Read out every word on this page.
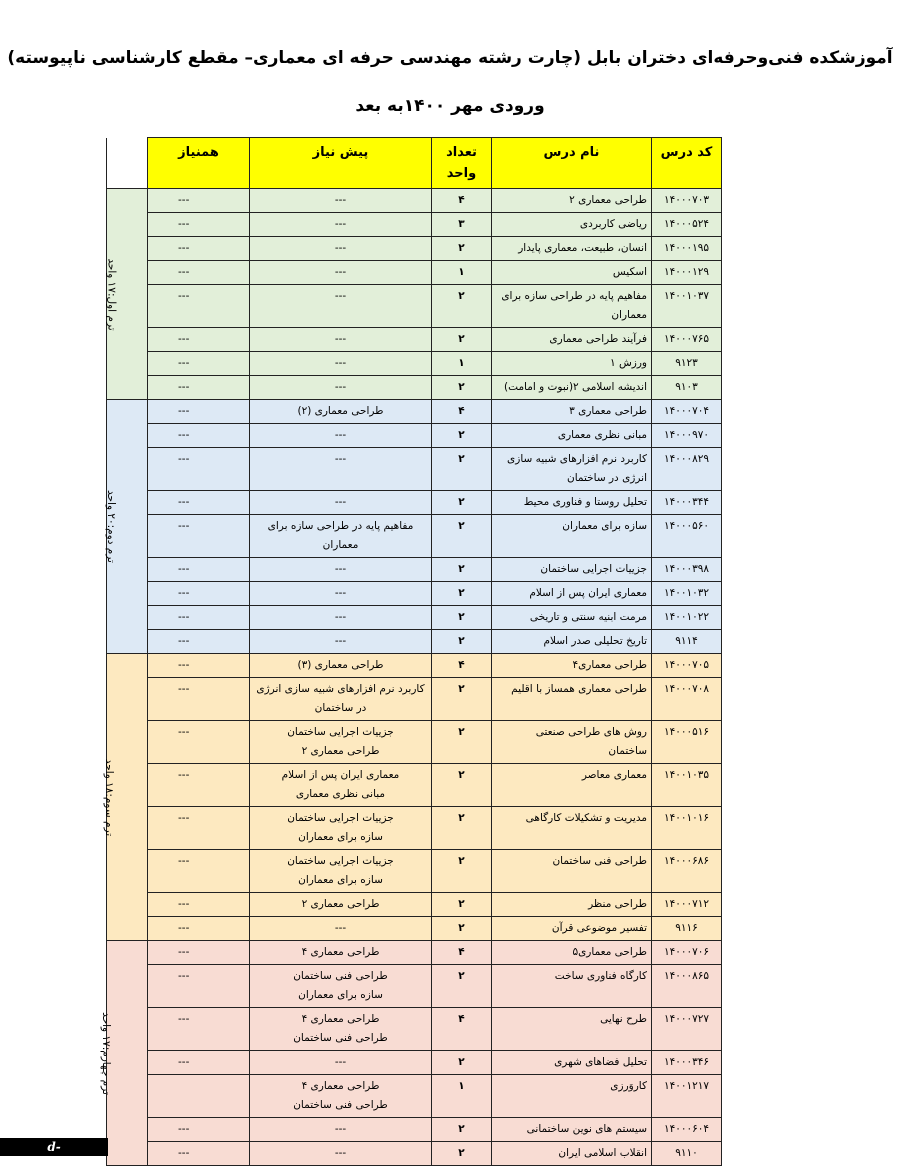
آموزشکده فنی‌وحرفه‌ای دختران بابل (چارت رشته مهندسی حرفه ای معماری– مقطع کارشناسی ناپیوسته)
ورودی مهر ۱۴۰۰به بعد
کد درس	نام درس	تعداد واحد	پیش نیاز	همنیاز	
۱۴۰۰۰۷۰۳	طراحی معماری ۲	۴	---	---	ترم اول:۱۷ واحد
۱۴۰۰۰۵۲۴	ریاضی کاربردی	۳	---	---	
۱۴۰۰۰۱۹۵	انسان، طبیعت، معماری پایدار	۲	---	---	
۱۴۰۰۰۱۲۹	اسکیس	۱	---	---	
۱۴۰۰۱۰۳۷	مفاهیم پایه در طراحی سازه برای معماران	۲	---	---	
۱۴۰۰۰۷۶۵	فرآیند طراحی معماری	۲	---	---	
۹۱۲۳	ورزش ۱	۱	---	---	
۹۱۰۳	اندیشه اسلامی ۲(نبوت و امامت)	۲	---	---	
۱۴۰۰۰۷۰۴	طراحی معماری ۳	۴	طراحی معماری (۲)	---	ترم دوم:۲۰ واحد
۱۴۰۰۰۹۷۰	مبانی نظری معماری	۲	---	---	
۱۴۰۰۰۸۲۹	کاربرد نرم افزارهای شبیه سازی انرژی در ساختمان	۲	---	---	
۱۴۰۰۰۳۴۴	تحلیل روستا و فناوری محیط	۲	---	---	
۱۴۰۰۰۵۶۰	سازه برای معماران	۲	مفاهیم پایه در طراحی سازه برای معماران	---	
۱۴۰۰۰۳۹۸	جزییات اجرایی ساختمان	۲	---	---	
۱۴۰۰۱۰۳۲	معماری ایران پس از اسلام	۲	---	---	
۱۴۰۰۱۰۲۲	مرمت ابنیه سنتی و تاریخی	۲	---	---	
۹۱۱۴	تاریخ تحلیلی صدر اسلام	۲	---	---	
۱۴۰۰۰۷۰۵	طراحی معماری۴	۴	طراحی معماری (۳)	---	ترم سوم:۱۸ واحد
۱۴۰۰۰۷۰۸	طراحی معماری همساز با اقلیم	۲	کاربرد نرم افزارهای شبیه سازی انرژی در ساختمان	---	
۱۴۰۰۰۵۱۶	روش های طراحی صنعتی ساختمان	۲	جزییات اجرایی ساختمان
طراحی معماری ۲	---	
۱۴۰۰۱۰۳۵	معماری معاصر	۲	معماری ایران پس از اسلام
مبانی نظری معماری	---	
۱۴۰۰۱۰۱۶	مدیریت و تشکیلات کارگاهی	۲	جزییات اجرایی ساختمان
سازه برای معماران	---	
۱۴۰۰۰۶۸۶	طراحی فنی ساختمان	۲	جزییات اجرایی ساختمان
سازه برای معماران	---	
۱۴۰۰۰۷۱۲	طراحی منظر	۲	طراحی معماری ۲	---	
۹۱۱۶	تفسیر موضوعی قرآن	۲	---	---	
۱۴۰۰۰۷۰۶	طراحی معماری۵	۴	طراحی معماری ۴	---	ترم چهارم:۱۷ واحد
۱۴۰۰۰۸۶۵	کارگاه فناوری ساخت	۲	طراحی فنی ساختمان
سازه برای معماران	---	
۱۴۰۰۰۷۲۷	طرح نهایی	۴	طراحی معماری ۴
طراحی فنی ساختمان	---	
۱۴۰۰۰۳۴۶	تحلیل فضاهای شهری	۲	---	---	
۱۴۰۰۱۲۱۷	کاروَرزی	۱	طراحی معماری ۴
طراحی فنی ساختمان		
۱۴۰۰۰۶۰۴	سیستم های نوین ساختمانی	۲	---	---	
۹۱۱۰	انقلاب اسلامی ایران	۲	---	---	
d-babol.nus.ac.ir
